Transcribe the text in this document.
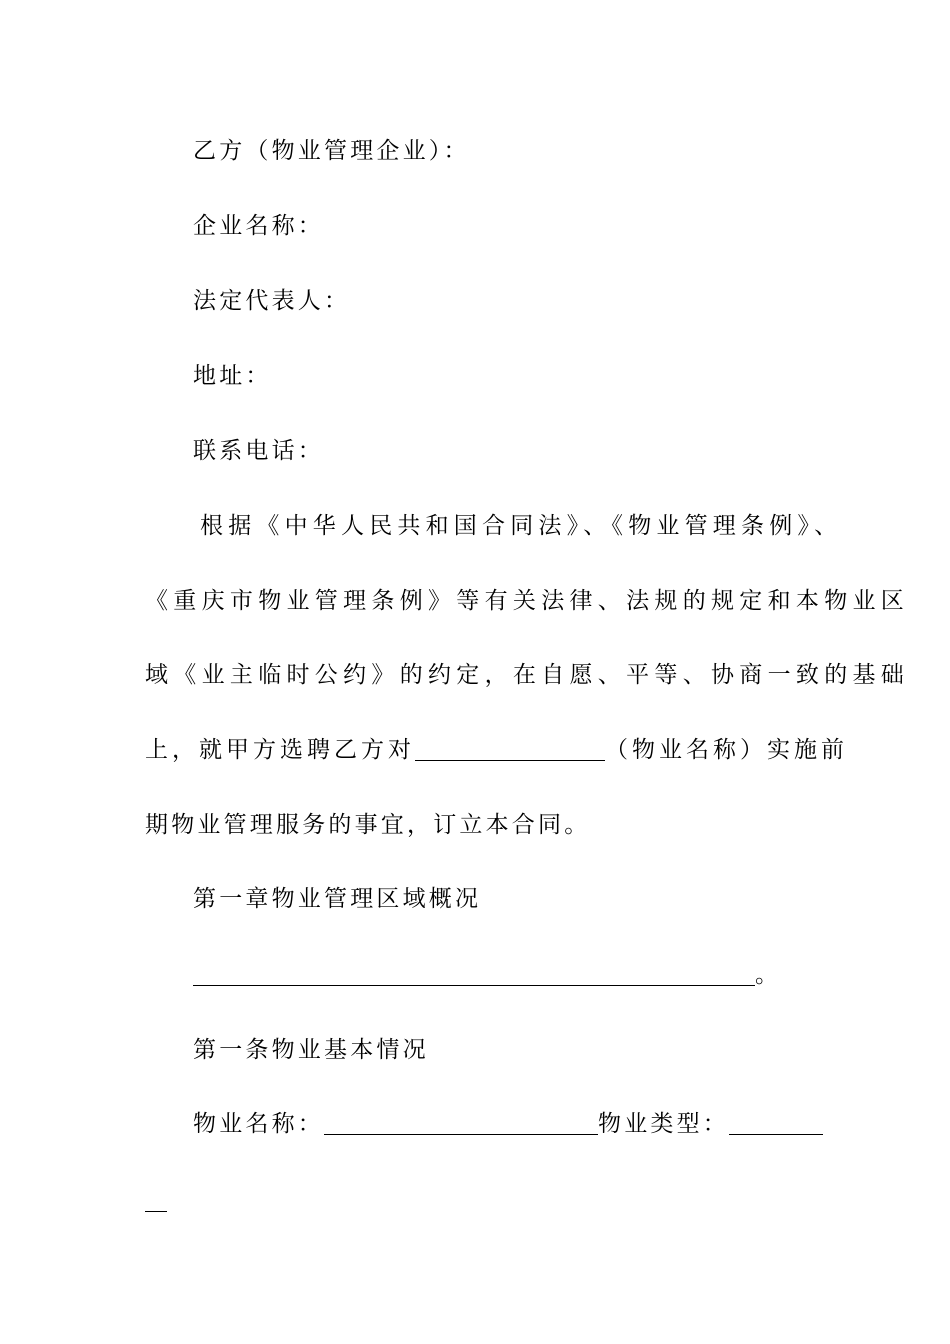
乙方（物业管理企业）：
企业名称：
法定代表人：
地址：
联系电话：
根据《中华人民共和国合同法》、《物业管理条例》、
《重庆市物业管理条例》等有关法律、法规的规定和本物业区
域《业主临时公约》的约定，在自愿、平等、协商一致的基础
上，就甲方选聘乙方对	（物业名称）实施前
期物业管理服务的事宜，订立本合同。
第一章物业管理区域概况
。
第一条物业基本情况
物业名称：	物业类型：
